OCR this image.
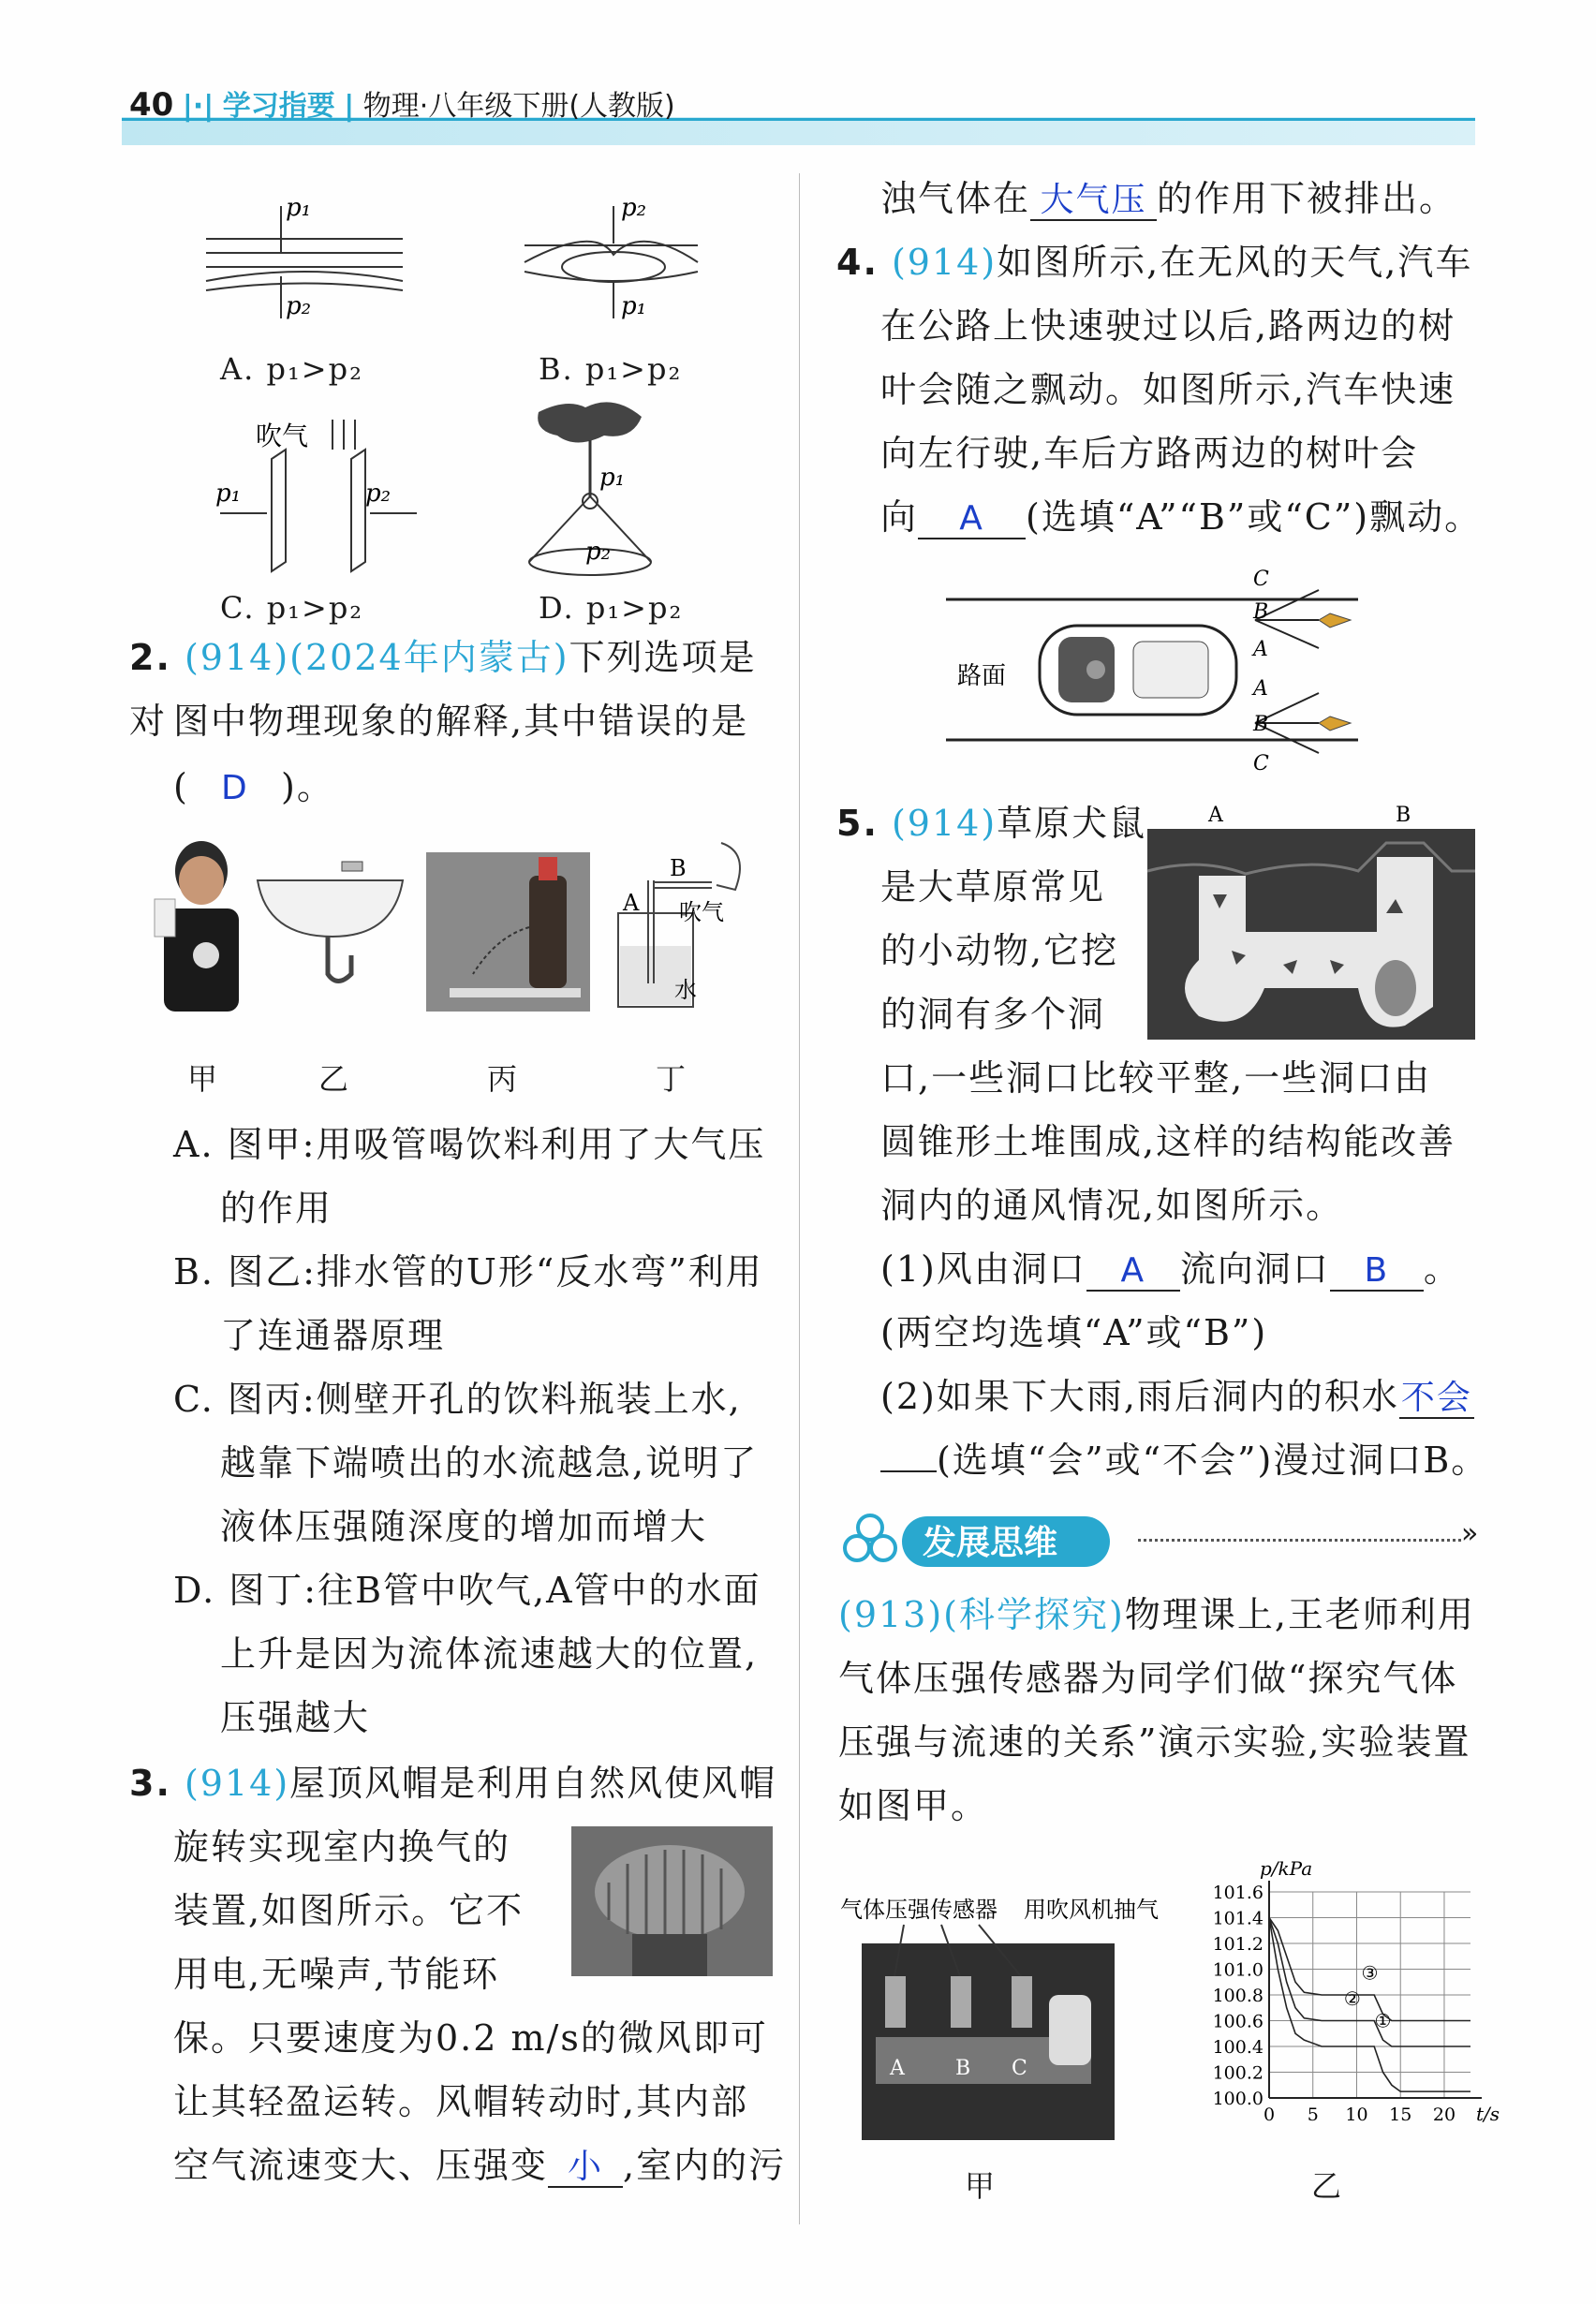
40 |·| 学习指要 | 物理·八年级下册(人教版)
p₁
p₂
p₂
p₁
吹气
p₁	p₂
p₁
p₂
A. p₁>p₂	B. p₁>p₂
C. p₁>p₂	D. p₁>p₂
2. (914)(2024年内蒙古)下列选项是对 图中物理现象的解释,其中错误的是
( D )。
B
A 吹气
水
甲	乙	丙	丁
A. 图甲:用吸管喝饮料利用了大气压
的作用
B. 图乙:排水管的U形“反水弯”利用
了连通器原理
C. 图丙:侧壁开孔的饮料瓶装上水,
越靠下端喷出的水流越急,说明了
液体压强随深度的增加而增大
D. 图丁:往B管中吹气,A管中的水面
上升是因为流体流速越大的位置,
压强越大
3. (914)屋顶风帽是利用自然风使风帽
旋转实现室内换气的
装置,如图所示。它不
用电,无噪声,节能环
保。只要速度为0.2 m/s的微风即可
让其轻盈运转。风帽转动时,其内部
空气流速变大、压强变 小 ,室内的污
浊气体在 大气压 的作用下被排出。
4. (914)如图所示,在无风的天气,汽车
在公路上快速驶过以后,路两边的树
叶会随之飘动。如图所示,汽车快速
向左行驶,车后方路两边的树叶会
向 A (选填“A”“B”或“C”)飘动。
路面
C
B
A
A
B
C
5. (914)草原犬鼠
是大草原常见
的小动物,它挖
的洞有多个洞
口,一些洞口比较平整,一些洞口由
圆锥形土堆围成,这样的结构能改善
洞内的通风情况,如图所示。
A	B
(1)风由洞口 A 流向洞口 B 。
(两空均选填“A”或“B”)
(2)如果下大雨,雨后洞内的积水不会
(选填“会”或“不会”)漫过洞口B。
发展思维	»
(913)(科学探究)物理课上,王老师利用
气体压强传感器为同学们做“探究气体
压强与流速的关系”演示实验,实验装置
如图甲。
气体压强传感器 用吹风机抽气
A B C
甲
101.6
101.4
101.2
101.0
100.8
100.6
100.4
100.2
100.0
0 5 10 15 20
p/kPa
t/s
①
②
③
乙
